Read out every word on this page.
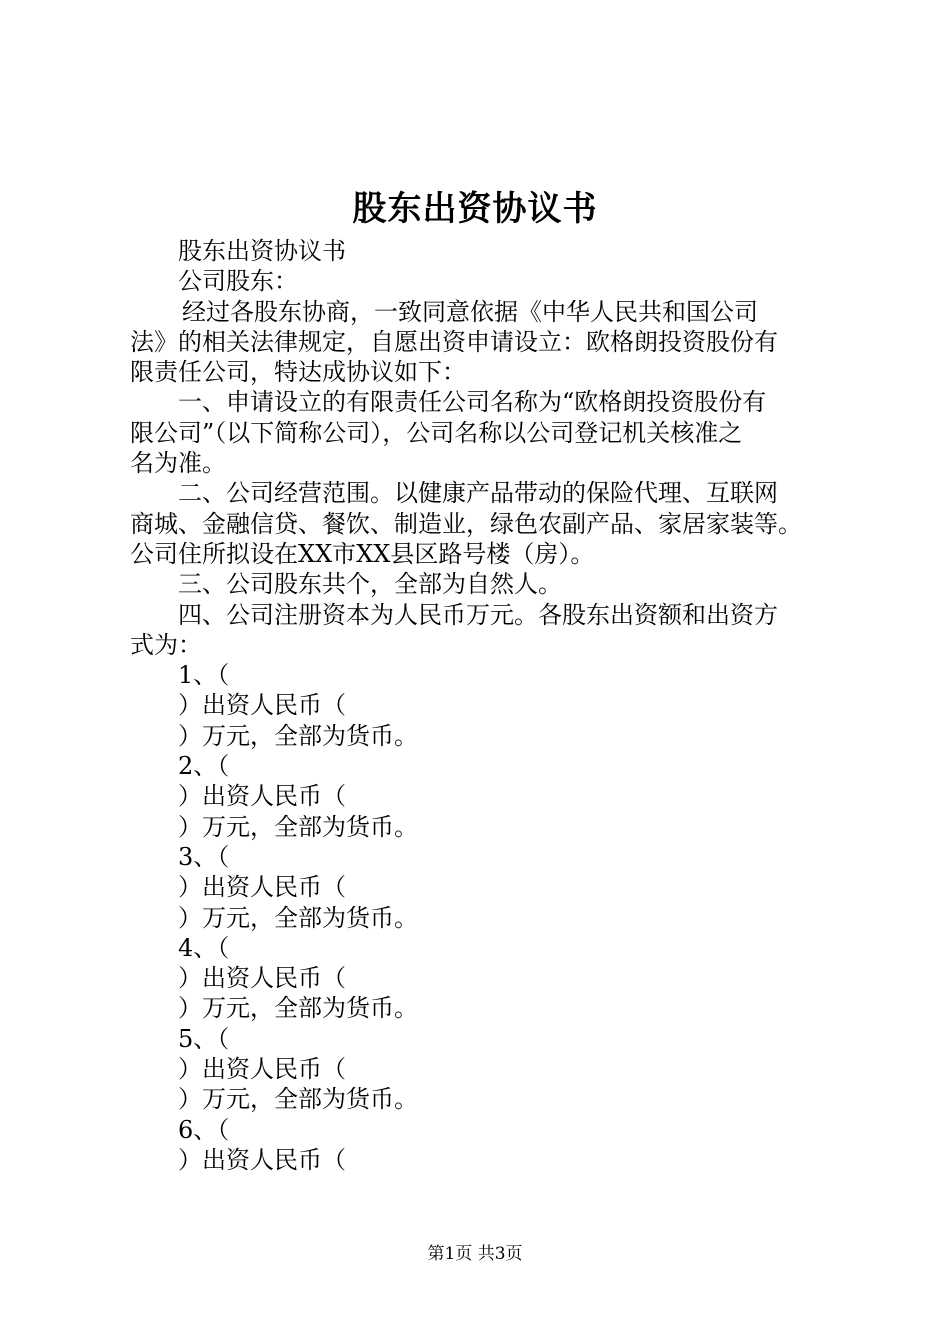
股东出资协议书
股东出资协议书
公司股东：
经过各股东协商，一致同意依据《中华人民共和国公司
法》的相关法律规定，自愿出资申请设立：欧格朗投资股份有
限责任公司，特达成协议如下：
一、申请设立的有限责任公司名称为“欧格朗投资股份有
限公司”（以下简称公司），公司名称以公司登记机关核准之
名为准。
二、公司经营范围。以健康产品带动的保险代理、互联网
商城、金融信贷、餐饮、制造业，绿色农副产品、家居家装等。
公司住所拟设在XX市XX县区路号楼（房）。
三、公司股东共个，全部为自然人。
四、公司注册资本为人民币万元。各股东出资额和出资方
式为：
1、（
）出资人民币（
）万元，全部为货币。
2、（
）出资人民币（
）万元，全部为货币。
3、（
）出资人民币（
）万元，全部为货币。
4、（
）出资人民币（
）万元，全部为货币。
5、（
）出资人民币（
）万元，全部为货币。
6、（
）出资人民币（
第1页 共3页
